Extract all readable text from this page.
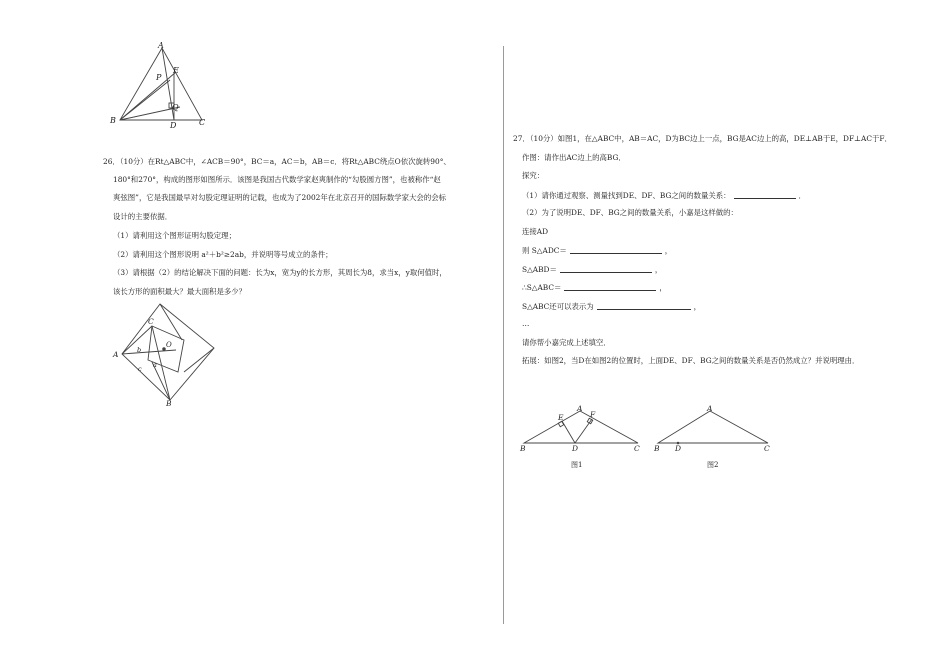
A
E
P
Q
B
D	C
26．（10分）在Rt△ABC中，∠ACB＝90°，BC＝a，AC＝b，AB＝c．将Rt△ABC绕点O依次旋转90°、
180°和270°，构成的图形如图所示．该图是我国古代数学家赵爽制作的“勾股圆方图”，也被称作“赵
爽弦图”，它是我国最早对勾股定理证明的记载，也成为了2002年在北京召开的国际数学家大会的会标
设计的主要依据．
（1）请利用这个图形证明勾股定理；
（2）请利用这个图形说明 a²＋b²≥2ab，并说明等号成立的条件；
（3）请根据（2）的结论解决下面的问题：长为x，宽为y的长方形，其周长为8，求当x，y取何值时，
该长方形的面积最大？最大面积是多少？
A
B
C
O
b
a
c
27．（10分）如图1，在△ABC中，AB＝AC，D为BC边上一点，BG是AC边上的高，DE⊥AB于E，DF⊥AC于F．
作图：请作出AC边上的高BG．
探究：
（1）请你通过观察、测量找到DE、DF、BG之间的数量关系：	．
（2）为了说明DE、DF、BG之间的数量关系，小嘉是这样做的：
连接AD
则 S△ADC＝	，
S△ABD＝	，
∴S△ABC＝	，
S△ABC还可以表示为	，
…
请你帮小嘉完成上述填空．
拓展：如图2，当D在如图2的位置时，上面DE、DF、BG之间的数量关系是否仍然成立？并说明理由．
A
E	F
B	D	C
图1
A
B D	C
图2
